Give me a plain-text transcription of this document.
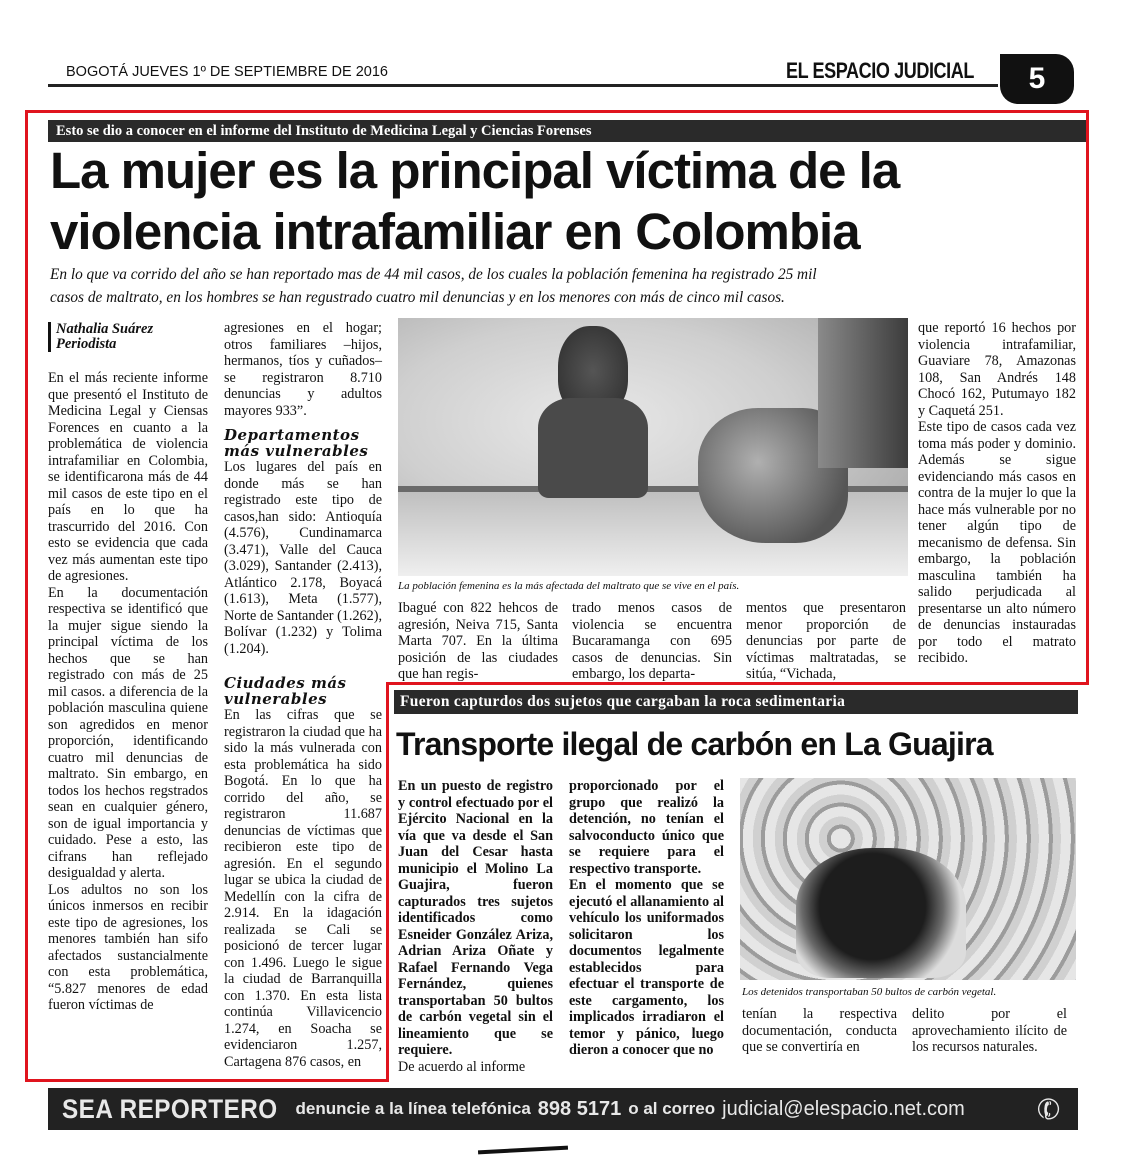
BOGOTÁ JUEVES 1º DE SEPTIEMBRE DE 2016	EL ESPACIO JUDICIAL	5
Esto se dio a conocer en el informe del Instituto de Medicina Legal y Ciencias Forenses
La mujer es la principal víctima de la
violencia intrafamiliar en Colombia
En lo que va corrido del año se han reportado mas de 44 mil casos, de los cuales la población femenina ha registrado 25 mil
casos de maltrato, en los hombres se han regustrado cuatro mil denuncias y en los menores con más de cinco mil casos.
Nathalia Suárez
Periodista

En el más reciente informe que presentó el Instituto de Medicina Legal y Ciensas Forences en cuanto a la problemática de violencia intrafamiliar en Colombia, se identificarona más de 44 mil casos de este tipo en el país en lo que ha trascurrido del 2016. Con esto se evidencia que cada vez más aumentan este tipo de agresiones.

En la documentación respectiva se identificó que la mujer sigue siendo la principal víctima de los hechos que se han registrado con más de 25 mil casos. a diferencia de la población masculina quiene son agredidos en menor proporción, identificando cuatro mil denuncias de maltrato. Sin embargo, en todos los hechos regstrados sean en cualquier género, son de igual importancia y cuidado. Pese a esto, las cifrans han reflejado desigualdad y alerta.

Los adultos no son los únicos inmersos en recibir este tipo de agresiones, los menores también han sifo afectados sustancialmente con esta problemática, “5.827 menores de edad fueron víctimas de

agresiones en el hogar; otros familiares –hijos, hermanos, tíos y cuñados– se registraron 8.710 denuncias y adultos mayores 933”.

Departamentos
más vulnerables

Los lugares del país en donde más se han registrado este tipo de casos,han sido: Antioquía (4.576), Cundinamarca (3.471), Valle del Cauca (3.029), Santander (2.413), Atlántico 2.178, Boyacá (1.613), Meta (1.577), Norte de Santander (1.262), Bolívar (1.232) y Tolima (1.204).

Ciudades más
vulnerables

En las cifras que se registraron la ciudad que ha sido la más vulnerada con esta problemática ha sido Bogotá. En lo que ha corrido del año, se registraron 11.687 denuncias de víctimas que recibieron este tipo de agresión. En el segundo lugar se ubica la ciudad de Medellín con la cifra de 2.914. En la idagación realizada se Cali se posicionó de tercer lugar con 1.496. Luego le sigue la ciudad de Barranquilla con 1.370. En esta lista continúa Villavicencio 1.274, en Soacha se evidenciaron 1.257, Cartagena 876 casos, en

La población femenina es la más afectada del maltrato que se vive en el país.

Ibagué con 822 hehcos de agresión, Neiva 715, Santa Marta 707. En la última posición de las ciudades que han regis-

trado menos casos de violencia se encuentra Bucaramanga con 695 casos de denuncias. Sin embargo, los departa-

mentos que presentaron menor proporción de denuncias por parte de víctimas maltratadas, se sitúa, “Vichada,

que reportó 16 hechos por violencia intrafamiliar, Guaviare 78, Amazonas 108, San Andrés 148 Chocó 162, Putumayo 182 y Caquetá 251.

Este tipo de casos cada vez toma más poder y dominio. Además se sigue evidenciando más casos en contra de la mujer lo que la hace más vulnerable por no tener algún tipo de mecanismo de defensa. Sin embargo, la población masculina también ha salido perjudicada al presentarse un alto número de denuncias instauradas por todo el matrato recibido.

Fueron capturdos dos sujetos que cargaban la roca sedimentaria
Transporte ilegal de carbón en La Guajira

En un puesto de registro y control efectuado por el Ejército Nacional en la vía que va desde el San Juan del Cesar hasta municipio el Molino La Guajira, fueron capturados tres sujetos identificados como Esneider González Ariza, Adrian Ariza Oñate y Rafael Fernando Vega Fernández, quienes transportaban 50 bultos de carbón vegetal sin el lineamiento que se requiere.

De acuerdo al informe

proporcionado por el grupo que realizó la detención, no tenían el salvoconducto único que se requiere para el respectivo transporte.

En el momento que se ejecutó el allanamiento al vehículo los uniformados solicitaron los documentos legalmente establecidos para efectuar el transporte de este cargamento, los implicados irradiaron el temor y pánico, luego dieron a conocer que no

Los detenidos transportaban 50 bultos de carbón vegetal.

tenían la respectiva documentación, conducta que se convertiría en

delito por el aprovechamiento ilícito de los recursos naturales.

SEA REPORTERO denuncie a la línea telefónica 898 5171 o al correo judicial@elespacio.net.com ✆
